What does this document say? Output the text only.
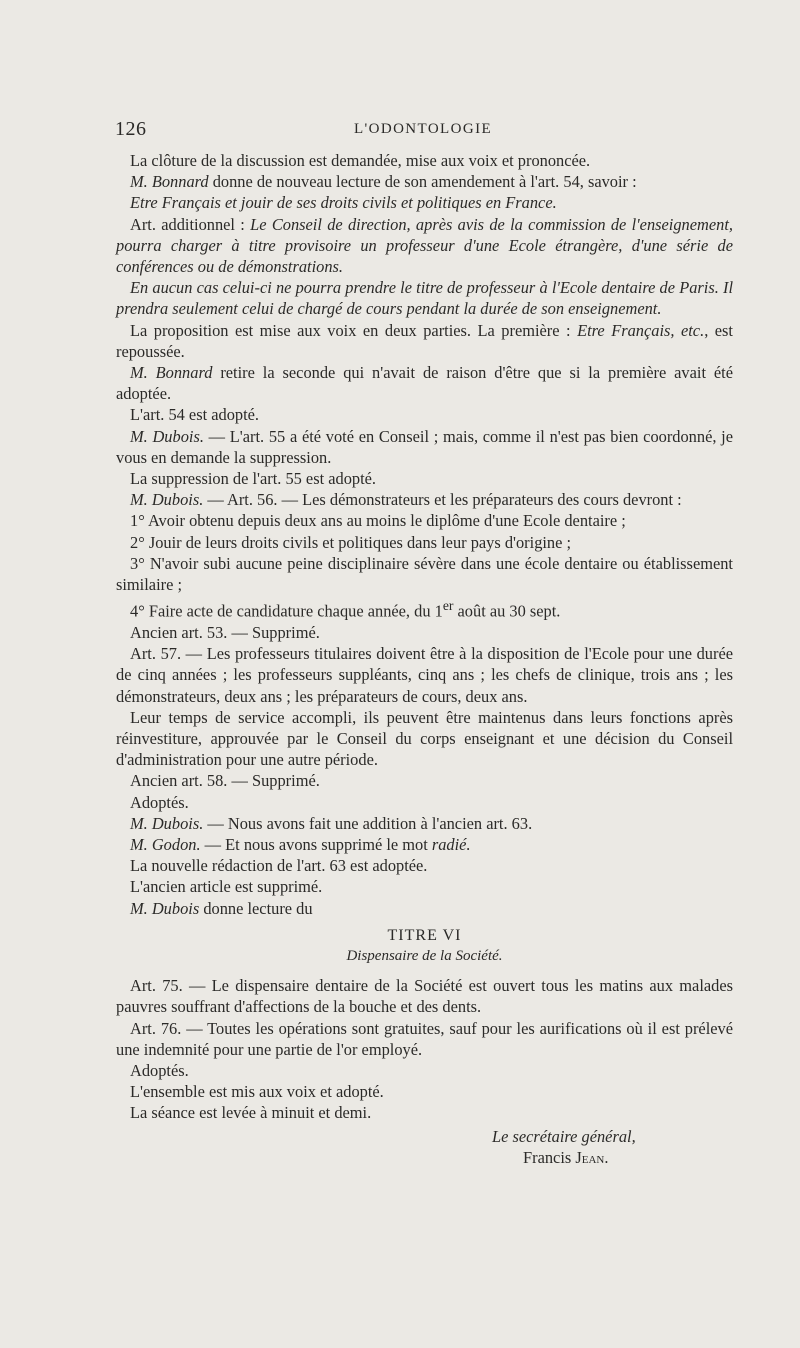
126	L'ODONTOLOGIE

La clôture de la discussion est demandée, mise aux voix et prononcée.

M. Bonnard donne de nouveau lecture de son amendement à l'art. 54, savoir :

Etre Français et jouir de ses droits civils et politiques en France.

Art. additionnel : Le Conseil de direction, après avis de la commission de l'enseignement, pourra charger à titre provisoire un professeur d'une Ecole étrangère, d'une série de conférences ou de démonstrations.

En aucun cas celui-ci ne pourra prendre le titre de professeur à l'Ecole dentaire de Paris. Il prendra seulement celui de chargé de cours pendant la durée de son enseignement.

La proposition est mise aux voix en deux parties. La première : Etre Français, etc., est repoussée.

M. Bonnard retire la seconde qui n'avait de raison d'être que si la première avait été adoptée.

L'art. 54 est adopté.

M. Dubois. — L'art. 55 a été voté en Conseil ; mais, comme il n'est pas bien coordonné, je vous en demande la suppression.

La suppression de l'art. 55 est adopté.

M. Dubois. — Art. 56. — Les démonstrateurs et les préparateurs des cours devront :

1° Avoir obtenu depuis deux ans au moins le diplôme d'une Ecole dentaire ;

2° Jouir de leurs droits civils et politiques dans leur pays d'origine ;

3° N'avoir subi aucune peine disciplinaire sévère dans une école dentaire ou établissement similaire ;

4° Faire acte de candidature chaque année, du 1er août au 30 sept.

Ancien art. 53. — Supprimé.

Art. 57. — Les professeurs titulaires doivent être à la disposition de l'Ecole pour une durée de cinq années ; les professeurs suppléants, cinq ans ; les chefs de clinique, trois ans ; les démonstrateurs, deux ans ; les préparateurs de cours, deux ans.

Leur temps de service accompli, ils peuvent être maintenus dans leurs fonctions après réinvestiture, approuvée par le Conseil du corps enseignant et une décision du Conseil d'administration pour une autre période.

Ancien art. 58. — Supprimé.

Adoptés.

M. Dubois. — Nous avons fait une addition à l'ancien art. 63.

M. Godon. — Et nous avons supprimé le mot radié.

La nouvelle rédaction de l'art. 63 est adoptée.

L'ancien article est supprimé.

M. Dubois donne lecture du

TITRE VI

Dispensaire de la Société.

Art. 75. — Le dispensaire dentaire de la Société est ouvert tous les matins aux malades pauvres souffrant d'affections de la bouche et des dents.

Art. 76. — Toutes les opérations sont gratuites, sauf pour les aurifications où il est prélevé une indemnité pour une partie de l'or employé.

Adoptés.

L'ensemble est mis aux voix et adopté.

La séance est levée à minuit et demi.

Le secrétaire général,
Francis Jean.
